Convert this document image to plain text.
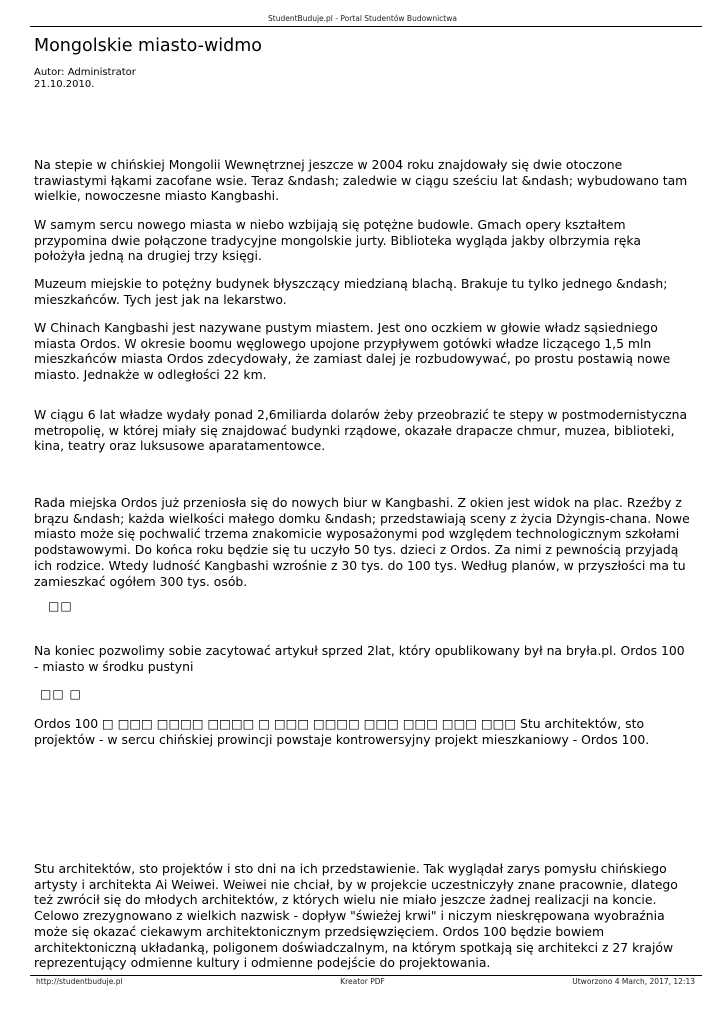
StudentBuduje.pl - Portal Studentów Budownictwa
Mongolskie miasto-widmo
Autor: Administrator
21.10.2010.

Na stepie w chińskiej Mongolii Wewnętrznej jeszcze w 2004 roku znajdowały się dwie otoczone trawiastymi łąkami zacofane wsie. Teraz &ndash; zaledwie w ciągu sześciu lat &ndash; wybudowano tam wielkie, nowoczesne miasto Kangbashi.

W samym sercu nowego miasta w niebo wzbijają się potężne budowle. Gmach opery kształtem przypomina dwie połączone tradycyjne mongolskie jurty. Biblioteka wygląda jakby olbrzymia ręka położyła jedną na drugiej trzy księgi.

Muzeum miejskie to potężny budynek błyszczący miedzianą blachą. Brakuje tu tylko jednego &ndash; mieszkańców. Tych jest jak na lekarstwo.

W Chinach Kangbashi jest nazywane pustym miastem. Jest ono oczkiem w głowie władz sąsiedniego miasta Ordos. W okresie boomu węglowego upojone przypływem gotówki władze liczącego 1,5 mln mieszkańców miasta Ordos zdecydowały, że zamiast dalej je rozbudowywać, po prostu postawią nowe miasto. Jednakże w odległości 22 km.

W ciągu 6 lat władze wydały ponad 2,6miliarda dolarów żeby przeobrazić te stepy w postmodernistyczna metropolię, w której miały się znajdować budynki rządowe, okazałe drapacze chmur, muzea, biblioteki, kina, teatry oraz luksusowe aparatamentowce.

Rada miejska Ordos już przeniosła się do nowych biur w Kangbashi. Z okien jest widok na plac. Rzeźby z brązu &ndash; każda wielkości małego domku &ndash; przedstawiają sceny z życia Dżyngis-chana. Nowe miasto może się pochwalić trzema znakomicie wyposażonymi pod względem technologicznym szkołami podstawowymi. Do końca roku będzie się tu uczyło 50 tys. dzieci z Ordos. Za nimi z pewnością przyjadą ich rodzice. Wtedy ludność Kangbashi wzrośnie z 30 tys. do 100 tys. Według planów, w przyszłości ma tu zamieszkać ogółem 300 tys. osób.

□□

Na koniec pozwolimy sobie zacytować artykuł sprzed 2lat, który opublikowany był na bryła.pl. Ordos 100 - miasto w środku pustyni

□□ □

Ordos 100 □ □□□ □□□□ □□□□ □ □□□ □□□□ □□□ □□□ □□□ □□□ Stu architektów, sto projektów - w sercu chińskiej prowincji powstaje kontrowersyjny projekt mieszkaniowy - Ordos 100.

Stu architektów, sto projektów i sto dni na ich przedstawienie. Tak wyglądał zarys pomysłu chińskiego artysty i architekta Ai Weiwei. Weiwei nie chciał, by w projekcie uczestniczyły znane pracownie, dlatego też zwrócił się do młodych architektów, z których wielu nie miało jeszcze żadnej realizacji na koncie. Celowo zrezygnowano z wielkich nazwisk - dopływ "świeżej krwi" i niczym nieskrępowana wyobraźnia może się okazać ciekawym architektonicznym przedsięwzięciem. Ordos 100 będzie bowiem architektoniczną układanką, poligonem doświadczalnym, na którym spotkają się architekci z 27 krajów reprezentujący odmienne kultury i odmienne podejście do projektowania.

http://studentbuduje.pl	Kreator PDF	Utworzono 4 March, 2017, 12:13
